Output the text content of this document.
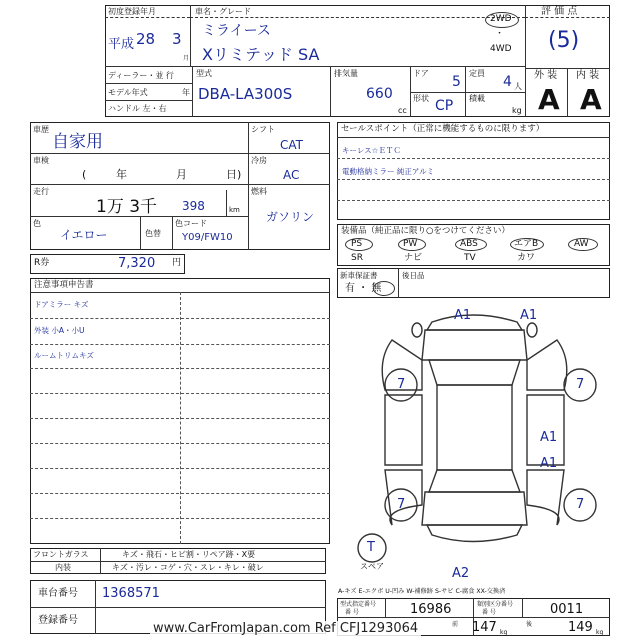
初度登録年月
平成 28 3
月
車名・グレード
ミライース
Xリミテッド SA
2WD
・
4WD
評 価 点
(5)
ディーラー・並 行
モデル年式	年
ハンドル 左・右
型式
DBA-LA300S
排気量
660
cc
ドア
5
定員
4 人
形状 CP 積載
kg
外 装 内 装
A A
車歴
自家用
車検
(	年	月	日)
走行
1万 3千 398	km
色
イエロー	色替
色コード
Y09/FW10
シフト
CAT
冷房
AC
燃料
ガソリン
R券	7,320 円
セールスポイント（正常に機能するものに限ります）
キーレス☆ＥＴＣ
電動格納ミラー 純正アルミ
装備品（純正品に限り○をつけてください）
PS	PW	ABS	エアB	AW
SR	ナビ	TV	カワ
新車保証書
有 ・ 無
後日品
注意事項申告書
ドアミラー キズ
外装 小A・小U
ルームトリムキズ
A1	A1
7	7
A1
A1
7	7
T
スペア	A2
A-キズ E-エクボ U-凹み W-補修跡 S-サビ C-腐食 XX-交換済
フロントガラス	キズ・飛石・ヒビ割・リペア跡・X要
内装	キズ・汚レ・コゲ・穴・スレ・キレ・破レ
車台番号 1368571
登録番号
型式指定番号
番 号	16986	類別区分番号
番 号	0011
前 147 kg
後	149 kg
www.CarFromJapan.com Ref CFJ1293064
